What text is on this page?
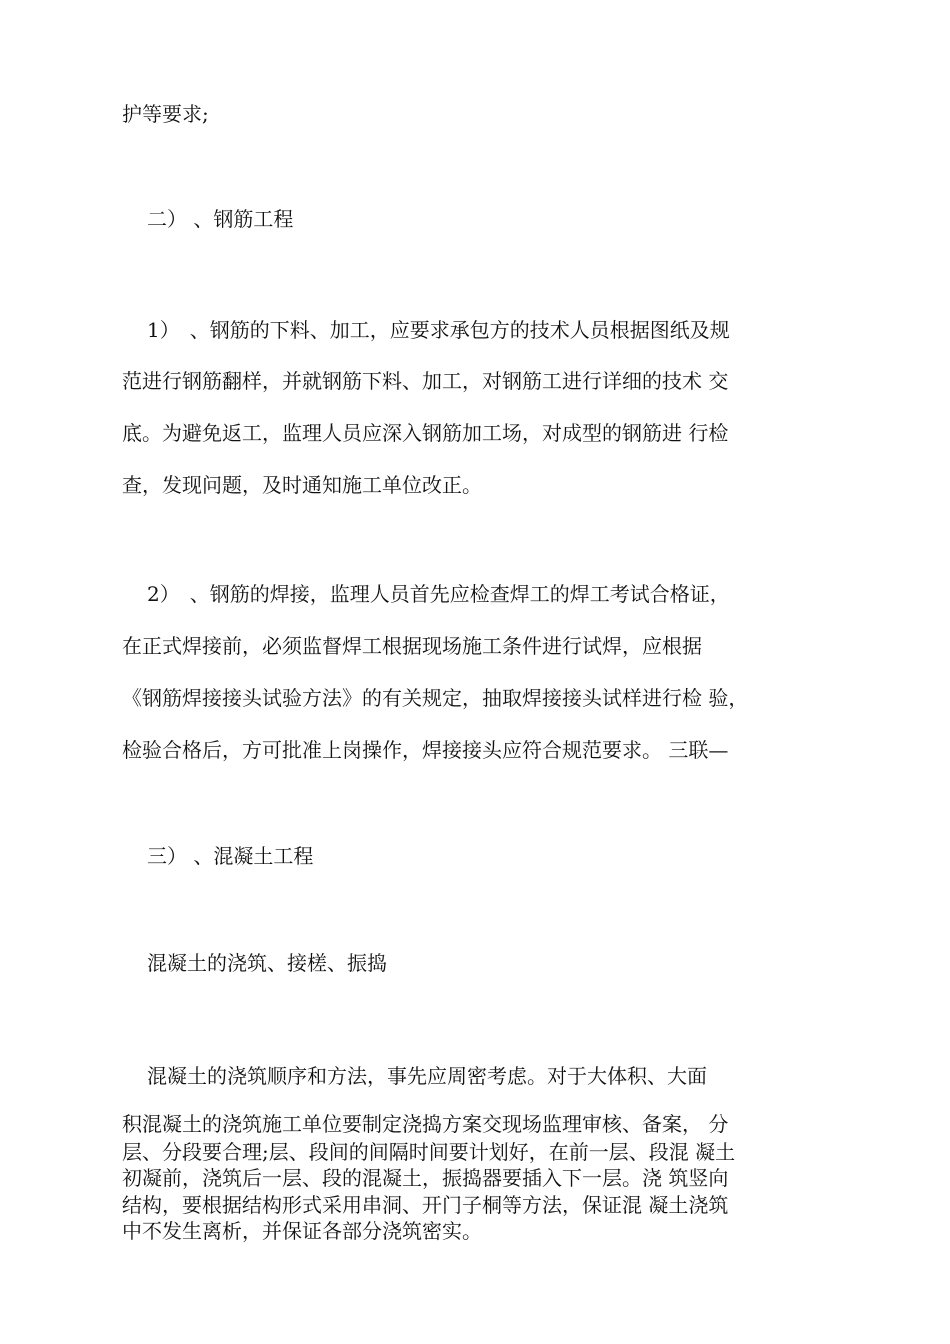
护等要求;

二） 、钢筋工程

1）　、钢筋的下料、加工，应要求承包方的技术人员根据图纸及规

范进行钢筋翻样，并就钢筋下料、加工，对钢筋工进行详细的技术 交

底。为避免返工，监理人员应深入钢筋加工场，对成型的钢筋进 行检

查，发现问题，及时通知施工单位改正。

2）　、钢筋的焊接，监理人员首先应检查焊工的焊工考试合格证，

在正式焊接前，必须监督焊工根据现场施工条件进行试焊，应根据

《钢筋焊接接头试验方法》的有关规定，抽取焊接接头试样进行检 验，

检验合格后，方可批准上岗操作，焊接接头应符合规范要求。 三联—

三） 、混凝土工程

混凝土的浇筑、接槎、振捣

混凝土的浇筑顺序和方法，事先应周密考虑。对于大体积、大面

积混凝土的浇筑施工单位要制定浇捣方案交现场监理审核、备案， 分

层、分段要合理;层、段间的间隔时间要计划好，在前一层、段混 凝土

初凝前，浇筑后一层、段的混凝土，振捣器要插入下一层。浇 筑竖向

结构，要根据结构形式采用串洞、开门子桐等方法，保证混 凝土浇筑

中不发生离析，并保证各部分浇筑密实。
